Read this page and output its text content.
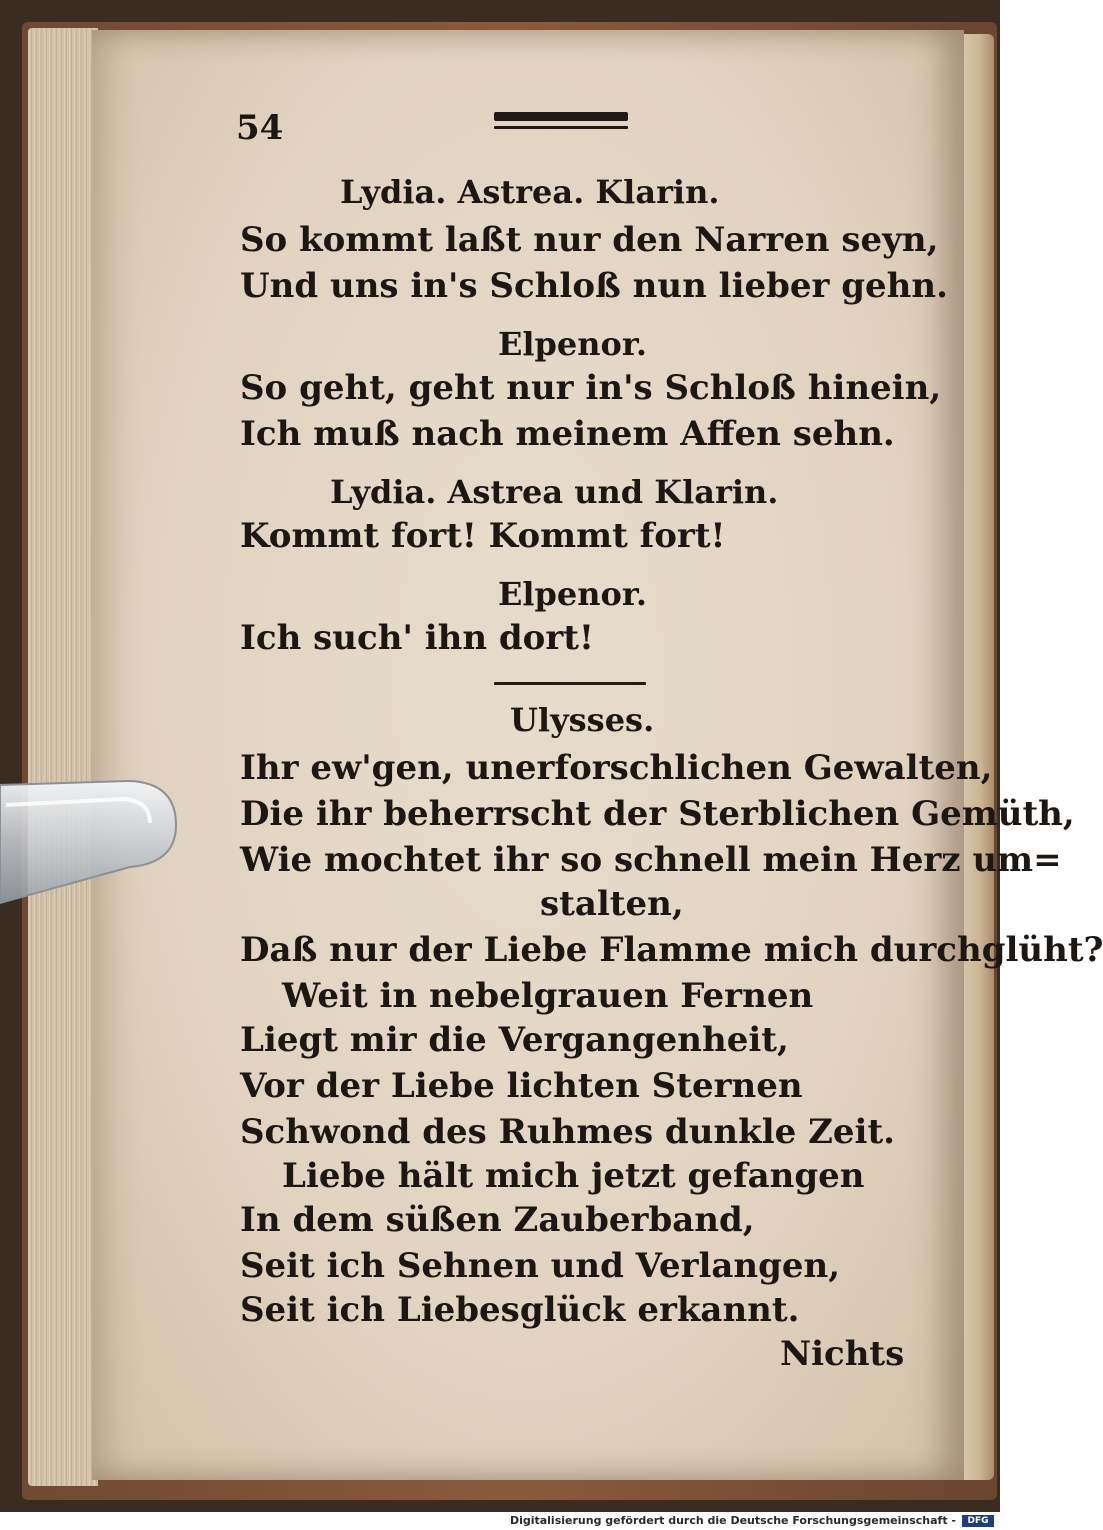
54

Lydia. Astrea. Klarin.

So kommt laßt nur den Narren seyn,

Und uns in's Schloß nun lieber gehn.

Elpenor.

So geht, geht nur in's Schloß hinein,

Ich muß nach meinem Affen sehn.

Lydia. Astrea und Klarin.

Kommt fort! Kommt fort!

Elpenor.

Ich such' ihn dort!

Ulysses.

Ihr ew'gen, unerforschlichen Gewalten,

Die ihr beherrscht der Sterblichen Gemüth,

Wie mochtet ihr so schnell mein Herz um=

stalten,

Daß nur der Liebe Flamme mich durchglüht?

Weit in nebelgrauen Fernen

Liegt mir die Vergangenheit,

Vor der Liebe lichten Sternen

Schwond des Ruhmes dunkle Zeit.

Liebe hält mich jetzt gefangen

In dem süßen Zauberband,

Seit ich Sehnen und Verlangen,

Seit ich Liebesglück erkannt.

Nichts

Digitalisierung gefördert durch die Deutsche Forschungsgemeinschaft -	DFG
